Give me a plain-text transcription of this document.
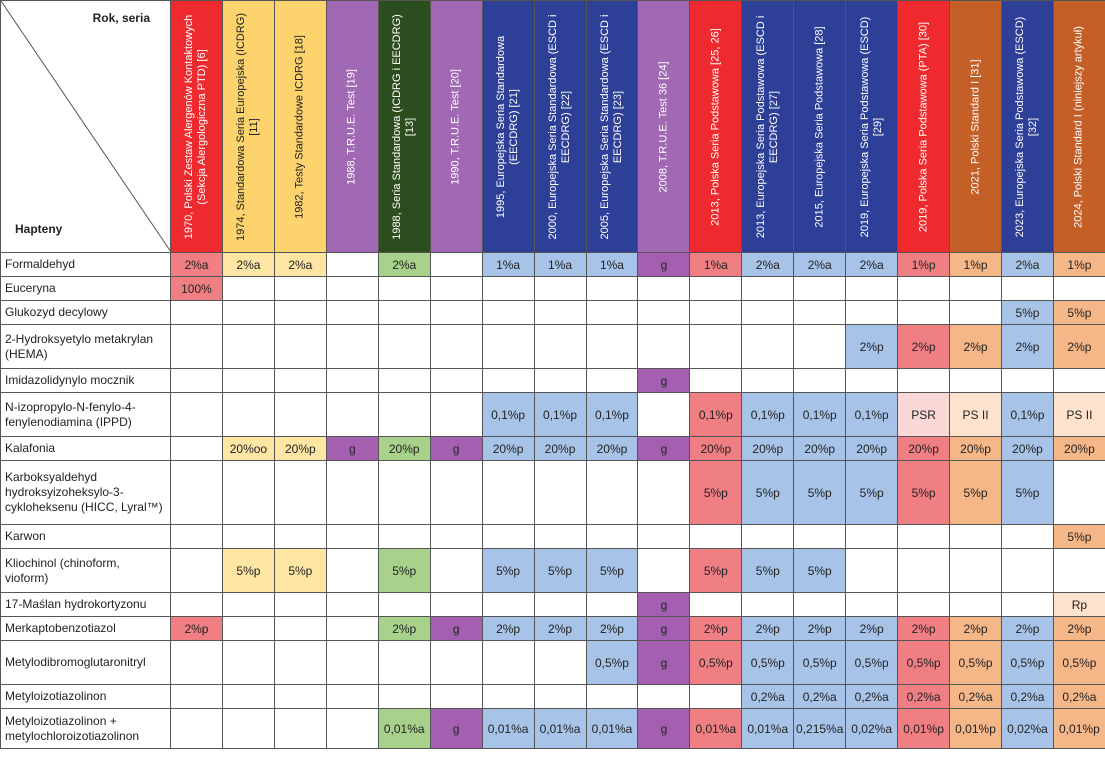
Rok, seria
Hapteny	1970, Polski Zestaw Alergenów Kontaktowych (Sekcja Alergologiczna PTD) [6]	1974, Standardowa Seria Europejska (ICDRG) [11]	1982, Testy Standardowe ICDRG [18]	1988, T.R.U.E. Test [19]	1988, Seria Standardowa (ICDRG i EECDRG) [13]	1990, T.R.U.E. Test [20]	1995, Europejska Seria Standardowa (EECDRG) [21]	2000, Europejska Seria Standardowa (ESCD i EECDRG) [22]	2005, Europejska Seria Standardowa (ESCD i EECDRG) [23]	2008, T.R.U.E. Test 36 [24]	2013, Polska Seria Podstawowa [25, 26]	2013, Europejska Seria Podstawowa (ESCD i EECDRG) [27]	2015, Europejska Seria Podstawowa [28]	2019, Europejska Seria Podstawowa (ESCD) [29]	2019, Polska Seria Podstawowa (PTA) [30]	2021, Polski Standard I [31]	2023, Europejska Seria Podstawowa (ESCD) [32]	2024, Polski Standard I (niniejszy artykuł)

Formaldehyd	2%a	2%a	2%a		2%a		1%a	1%a	1%a	g	1%a	2%a	2%a	2%a	1%p	1%p	2%a	1%p
Euceryna	100%																	
Glukozyd decylowy																	5%p	5%p
2-Hydroksyetylo metakrylan (HEMA)														2%p	2%p	2%p	2%p	2%p
Imidazolidynylo mocznik										g								
N-izopropylo-N-fenylo-4-fenylenodiamina (IPPD)							0,1%p	0,1%p	0,1%p		0,1%p	0,1%p	0,1%p	0,1%p	PSR	PS II	0,1%p	PS II
Kalafonia		20%oo	20%p	g	20%p	g	20%p	20%p	20%p	g	20%p	20%p	20%p	20%p	20%p	20%p	20%p	20%p
Karboksyaldehyd hydroksyizoheksylo-3-cykloheksenu (HICC, Lyral™)											5%p	5%p	5%p	5%p	5%p	5%p	5%p	
Karwon																		5%p
Kliochinol (chinoform, vioform)		5%p	5%p		5%p		5%p	5%p	5%p		5%p	5%p	5%p					
17-Maślan hydrokortyzonu										g								Rp
Merkaptobenzotiazol	2%p				2%p	g	2%p	2%p	2%p	g	2%p	2%p	2%p	2%p	2%p	2%p	2%p	2%p
Metylodibromoglutaronitryl									0,5%p	g	0,5%p	0,5%p	0,5%p	0,5%p	0,5%p	0,5%p	0,5%p	0,5%p
Metyloizotiazolinon												0,2%a	0,2%a	0,2%a	0,2%a	0,2%a	0,2%a	0,2%a
Metyloizotiazolinon + metylochloroizotiazolinon					0,01%a	g	0,01%a	0,01%a	0,01%a	g	0,01%a	0,01%a	0,215%a	0,02%a	0,01%p	0,01%p	0,02%a	0,01%p
